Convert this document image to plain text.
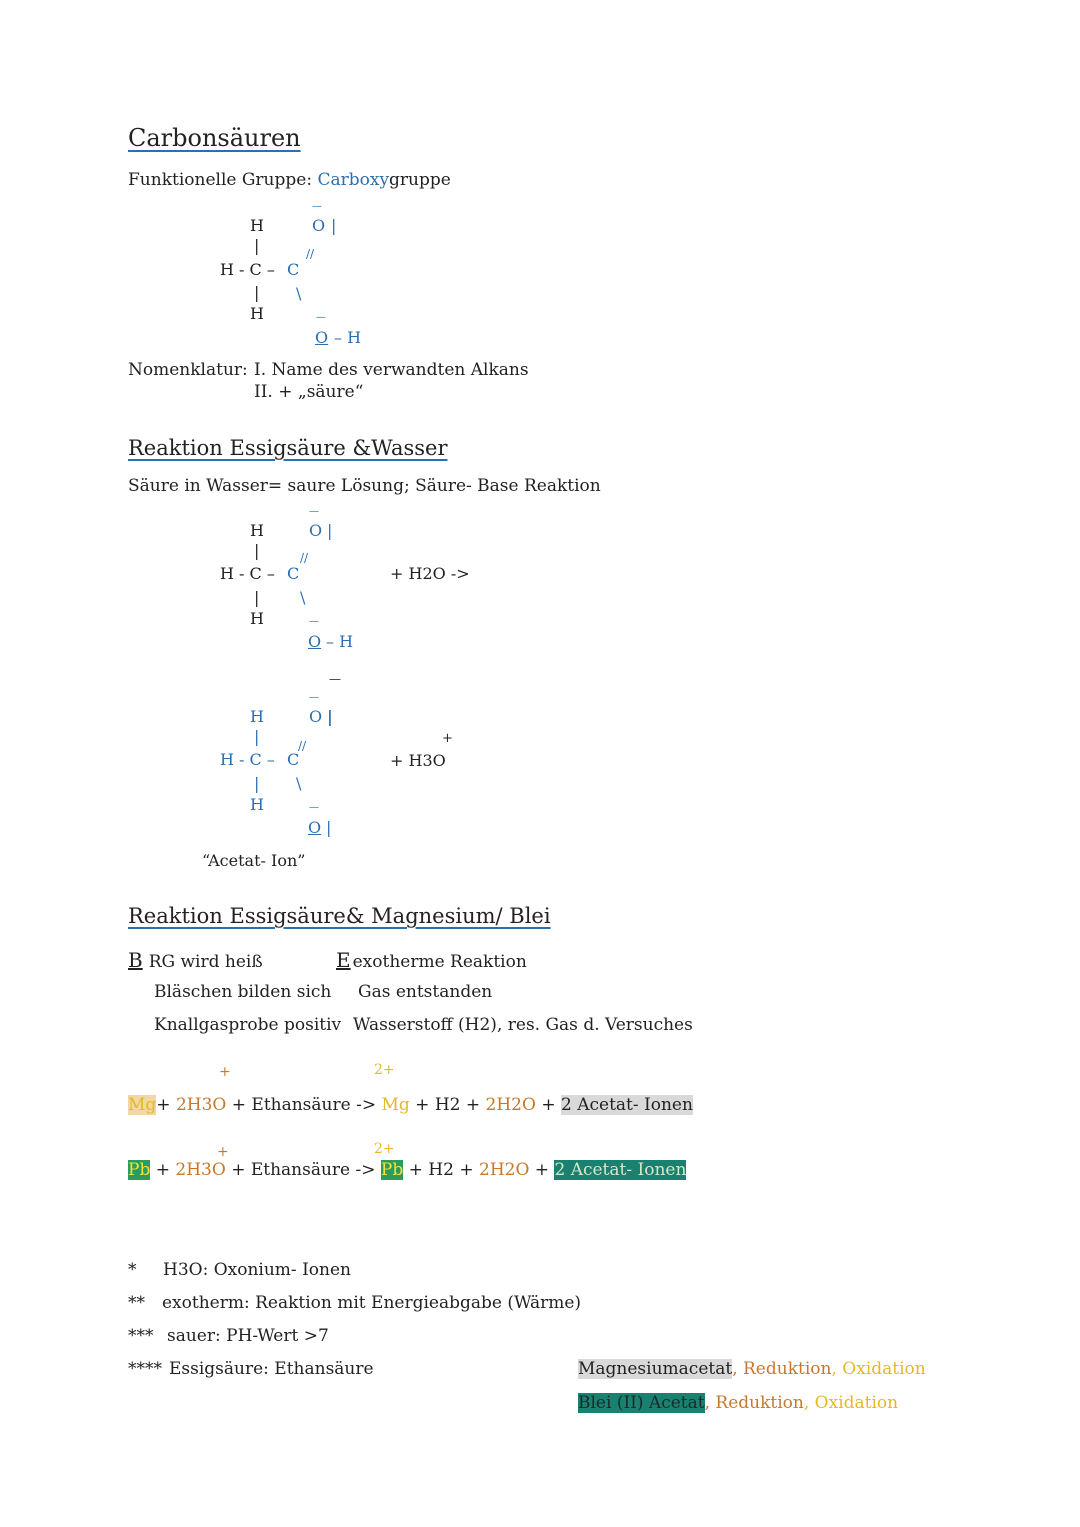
Carbonsäuren
Funktionelle Gruppe: Carboxygruppe
H
|
H - C –
|
H
C
//
O |
—
\
O
—
– H
Nomenklatur: I. Name des verwandten Alkans
II. + „säure“
Reaktion Essigsäure &Wasser
Säure in Wasser= saure Lösung; Säure- Base Reaktion
H
|
H - C –
|
H
C
//
O |
—
\
O
—
– H
+ H2O ->
—
H
|
H - C –
|
H
C
//
O |
—
\
O
—
|
+
+ H3O
“Acetat- Ion”
Reaktion Essigsäure& Magnesium/ Blei
B RG wird heiß	E exotherme Reaktion
Bläschen bilden sich Gas entstanden
Knallgasprobe positiv Wasserstoff (H2), res. Gas d. Versuches
+	2+
Mg+ 2H3O + Ethansäure -> Mg + H2 + 2H2O + 2 Acetat- Ionen
+	2+
Pb + 2H3O + Ethansäure -> Pb + H2 + 2H2O + 2 Acetat- Ionen
* H3O: Oxonium- Ionen
** exotherm: Reaktion mit Energieabgabe (Wärme)
*** sauer: PH-Wert >7
**** Essigsäure: Ethansäure	Magnesiumacetat, Reduktion, Oxidation
Blei (II) Acetat, Reduktion, Oxidation
